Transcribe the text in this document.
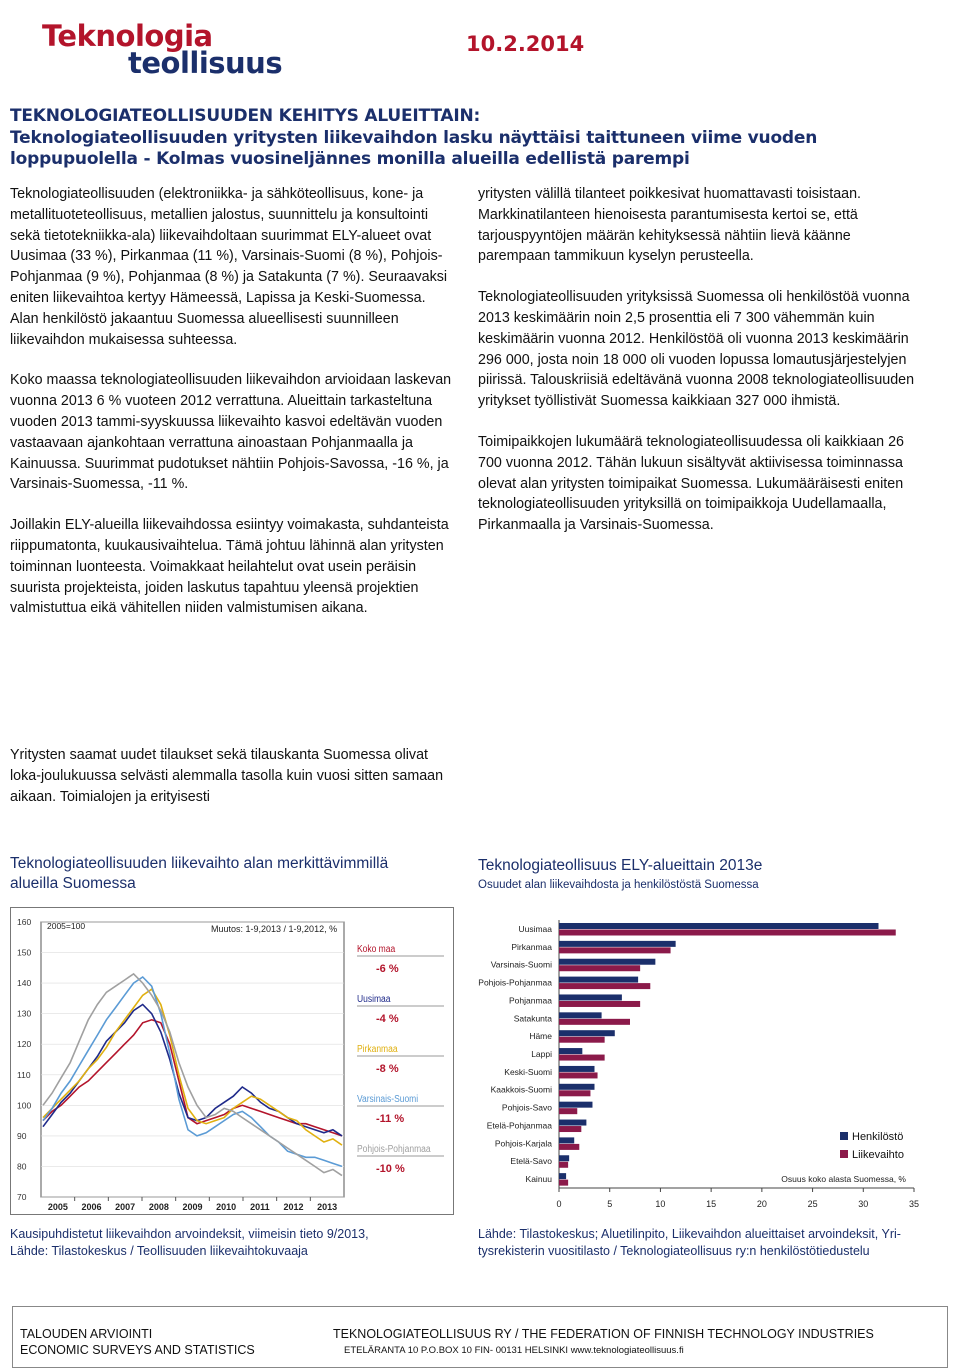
Teknologia
teollisuus
10.2.2014
TEKNOLOGIATEOLLISUUDEN KEHITYS ALUEITTAIN:
Teknologiateollisuuden yritysten liikevaihdon lasku näyttäisi taittuneen viime vuoden
loppupuolella - Kolmas vuosineljännes monilla alueilla edellistä parempi

Teknologiateollisuuden (elektroniikka- ja sähköteollisuus, kone- ja metallituoteteollisuus, metallien jalostus, suunnittelu ja konsultointi sekä tietotekniikka-ala) liikevaihdoltaan suurimmat ELY-alueet ovat Uusimaa (33 %), Pirkanmaa (11 %), Varsinais-Suomi (8 %), Pohjois-Pohjanmaa (9 %), Pohjanmaa (8 %) ja Satakunta (7 %). Seuraavaksi eniten liikevaihtoa kertyy Hämeessä, Lapissa ja Keski-Suomessa. Alan henkilöstö jakaantuu Suomessa alueellisesti suunnilleen liikevaihdon mukaisessa suhteessa.

Koko maassa teknologiateollisuuden liikevaihdon arvioidaan laskevan vuonna 2013 6 % vuoteen 2012 verrattuna. Alueittain tarkasteltuna vuoden 2013 tammi-syyskuussa liikevaihto kasvoi edeltävän vuoden vastaavaan ajankohtaan verrattuna ainoastaan Pohjanmaalla ja Kainuussa. Suurimmat pudotukset nähtiin Pohjois-Savossa, -16 %, ja Varsinais-Suomessa, -11 %.

Joillakin ELY-alueilla liikevaihdossa esiintyy voimakasta, suhdanteista riippumatonta, kuukausivaihtelua. Tämä johtuu lähinnä alan yritysten toiminnan luonteesta. Voimakkaat heilahtelut ovat usein peräisin suurista projekteista, joiden laskutus tapahtuu yleensä projektien valmistuttua eikä vähitellen niiden valmistumisen aikana.

Yritysten saamat uudet tilaukset sekä tilauskanta Suomessa olivat loka-joulukuussa selvästi alemmalla tasolla kuin vuosi sitten samaan aikaan. Toimialojen ja erityisesti

yritysten välillä tilanteet poikkesivat huomattavasti toisistaan. Markkinatilanteen hienoisesta parantumisesta kertoi se, että tarjouspyyntöjen määrän kehityksessä nähtiin lievä käänne parempaan tammikuun kyselyn perusteella.

Teknologiateollisuuden yrityksissä Suomessa oli henkilöstöä vuonna 2013 keskimäärin noin 2,5 prosenttia eli 7 300 vähemmän kuin keskimäärin vuonna 2012. Henkilöstöä oli vuonna 2013 keskimäärin 296 000, josta noin 18 000 oli vuoden lopussa lomautusjärjestelyjen piirissä. Talouskriisiä edeltävänä vuonna 2008 teknologiateollisuuden yritykset työllistivät Suomessa kaikkiaan 327 000 ihmistä.

Toimipaikkojen lukumäärä teknologiateollisuudessa oli kaikkiaan 26 700 vuonna 2012. Tähän lukuun sisältyvät aktiivisessa toiminnassa olevat alan yritysten toimipaikat Suomessa. Lukumääräisesti eniten teknologiateollisuuden yrityksillä on toimipaikkoja Uudellamaalla, Pirkanmaalla ja Varsinais-Suomessa.

Teknologiateollisuuden liikevaihto alan merkittävimmillä
alueilla Suomessa
70
80
90
100
110
120
130
140
150
160
2005 2006 2007 2008 2009 2010 2011 2012 2013
2005=100	Muutos: 1-9,2013 / 1-9,2012, %
Koko maa
-6 %
Uusimaa
-4 %
Pirkanmaa
-8 %
Varsinais-Suomi
-11 %
Pohjois-Pohjanmaa
-10 %
Kausipuhdistetut liikevaihdon arvoindeksit, viimeisin tieto 9/2013,
Lähde: Tilastokeskus / Teollisuuden liikevaihtokuvaaja
Teknologiateollisuus ELY-alueittain 2013e
Osuudet alan liikevaihdosta ja henkilöstöstä Suomessa
0	5	10	15	20	25	30	35
Uusimaa
Pirkanmaa
Varsinais-Suomi
Pohjois-Pohjanmaa
Pohjanmaa
Satakunta
Häme
Lappi
Keski-Suomi
Kaakkois-Suomi
Pohjois-Savo
Etelä-Pohjanmaa
Pohjois-Karjala
Etelä-Savo
Kainuu
Henkilöstö
Liikevaihto
Osuus koko alasta Suomessa, %
Lähde: Tilastokeskus; Aluetilinpito, Liikevaihdon alueittaiset arvoindeksit, Yri-
tysrekisterin vuositilasto / Teknologiateollisuus ry:n henkilöstötiedustelu
TALOUDEN ARVIOINTI
ECONOMIC SURVEYS AND STATISTICS
TEKNOLOGIATEOLLISUUS RY / THE FEDERATION OF FINNISH TECHNOLOGY INDUSTRIES
ETELÄRANTA 10 P.O.BOX 10 FIN- 00131 HELSINKI www.teknologiateollisuus.fi
